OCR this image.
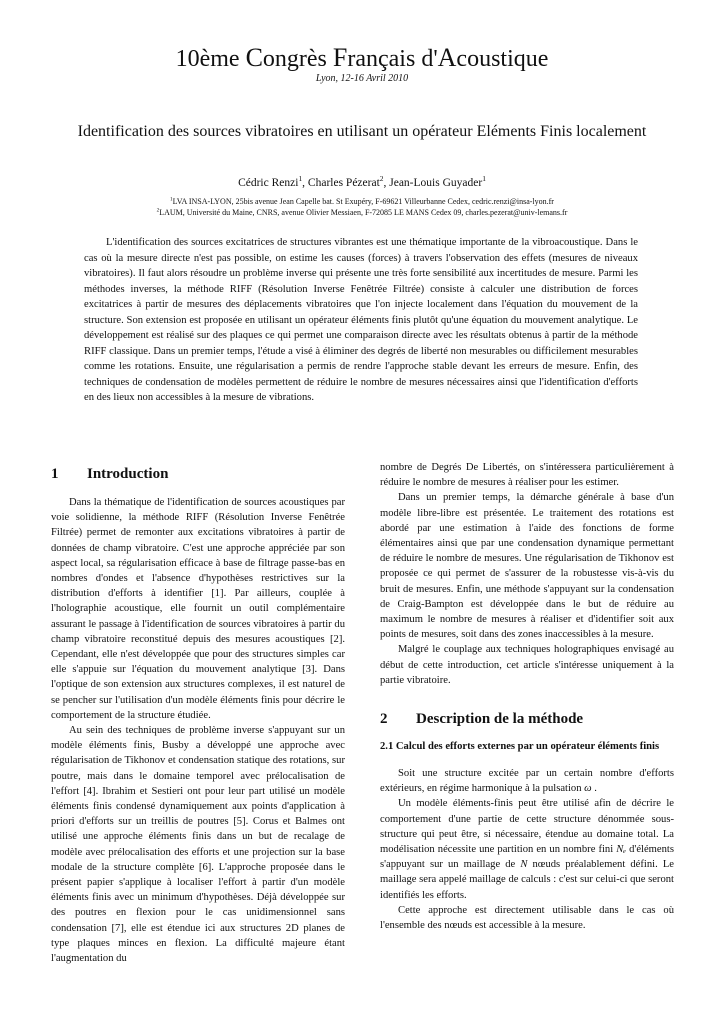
10ème Congrès Français d'Acoustique
Lyon, 12-16 Avril 2010
Identification des sources vibratoires en utilisant un opérateur Eléments Finis localement
Cédric Renzi$^1$, Charles Pézerat$^2$, Jean-Louis Guyader$^1$
$^1$LVA INSA-LYON, 25bis avenue Jean Capelle bat. St Exupéry, F-69621 Villeurbanne Cedex, cedric.renzi@insa-lyon.fr
$^2$LAUM, Université du Maine, CNRS, avenue Olivier Messiaen, F-72085 LE MANS Cedex 09, charles.pezerat@univ-lemans.fr

L'identification des sources excitatrices de structures vibrantes est une thématique importante de la vibroacoustique. Dans le cas où la mesure directe n'est pas possible, on estime les causes (forces) à travers l'observation des effets (mesures de niveaux vibratoires). Il faut alors résoudre un problème inverse qui présente une très forte sensibilité aux incertitudes de mesure. Parmi les méthodes inverses, la méthode RIFF (Résolution Inverse Fenêtrée Filtrée) consiste à calculer une distribution de forces excitatrices à partir de mesures des déplacements vibratoires que l'on injecte localement dans l'équation du mouvement de la structure. Son extension est proposée en utilisant un opérateur éléments finis plutôt qu'une équation du mouvement analytique. Le développement est réalisé sur des plaques ce qui permet une comparaison directe avec les résultats obtenus à partir de la méthode RIFF classique. Dans un premier temps, l'étude a visé à éliminer des degrés de liberté non mesurables ou difficilement mesurables comme les rotations. Ensuite, une régularisation a permis de rendre l'approche stable devant les erreurs de mesure. Enfin, des techniques de condensation de modèles permettent de réduire le nombre de mesures nécessaires ainsi que l'identification d'efforts en des lieux non accessibles à la mesure de vibrations.

1	Introduction

Dans la thématique de l'identification de sources acoustiques par voie solidienne, la méthode RIFF (Résolution Inverse Fenêtrée Filtrée) permet de remonter aux excitations vibratoires à partir de données de champ vibratoire. C'est une approche appréciée par son aspect local, sa régularisation efficace à base de filtrage passe-bas en nombres d'ondes et l'absence d'hypothèses restrictives sur la distribution d'efforts à identifier [1]. Par ailleurs, couplée à l'holographie acoustique, elle fournit un outil complémentaire assurant le passage à l'identification de sources vibratoires à partir du champ vibratoire reconstitué depuis des mesures acoustiques [2]. Cependant, elle n'est développée que pour des structures simples car elle s'appuie sur l'équation du mouvement analytique [3]. Dans l'optique de son extension aux structures complexes, il est naturel de se pencher sur l'utilisation d'un modèle éléments finis pour décrire le comportement de la structure étudiée.

Au sein des techniques de problème inverse s'appuyant sur un modèle éléments finis, Busby a développé une approche avec régularisation de Tikhonov et condensation statique des rotations, sur poutre, mais dans le domaine temporel avec prélocalisation de l'effort [4]. Ibrahim et Sestieri ont pour leur part utilisé un modèle éléments finis condensé dynamiquement aux points d'application à priori d'efforts sur un treillis de poutres [5]. Corus et Balmes ont utilisé une approche éléments finis dans un but de recalage de modèle avec prélocalisation des efforts et une projection sur la base modale de la structure complète [6]. L'approche proposée dans le présent papier s'applique à localiser l'effort à partir d'un modèle éléments finis avec un minimum d'hypothèses. Déjà développée sur des poutres en flexion pour le cas unidimensionnel sans condensation [7], elle est étendue ici aux structures 2D planes de type plaques minces en flexion. La difficulté majeure étant l'augmentation du

nombre de Degrés De Libertés, on s'intéressera particulièrement à réduire le nombre de mesures à réaliser pour les estimer.

Dans un premier temps, la démarche générale à base d'un modèle libre-libre est présentée. Le traitement des rotations est abordé par une estimation à l'aide des fonctions de forme élémentaires ainsi que par une condensation dynamique permettant de réduire le nombre de mesures. Une régularisation de Tikhonov est proposée ce qui permet de s'assurer de la robustesse vis-à-vis du bruit de mesures. Enfin, une méthode s'appuyant sur la condensation de Craig-Bampton est développée dans le but de réduire au maximum le nombre de mesures à réaliser et d'identifier soit aux points de mesures, soit dans des zones inaccessibles à la mesure.

Malgré le couplage aux techniques holographiques envisagé au début de cette introduction, cet article s'intéresse uniquement à la partie vibratoire.

2	Description de la méthode
2.1 Calcul des efforts externes par un opérateur éléments finis

Soit une structure excitée par un certain nombre d'efforts extérieurs, en régime harmonique à la pulsation ω .

Un modèle éléments-finis peut être utilisé afin de décrire le comportement d'une partie de cette structure dénommée sous-structure qui peut être, si nécessaire, étendue au domaine total. La modélisation nécessite une partition en un nombre fini Nₑ d'éléments s'appuyant sur un maillage de N nœuds préalablement défini. Le maillage sera appelé maillage de calculs : c'est sur celui-ci que seront identifiés les efforts.

Cette approche est directement utilisable dans le cas où l'ensemble des nœuds est accessible à la mesure.
